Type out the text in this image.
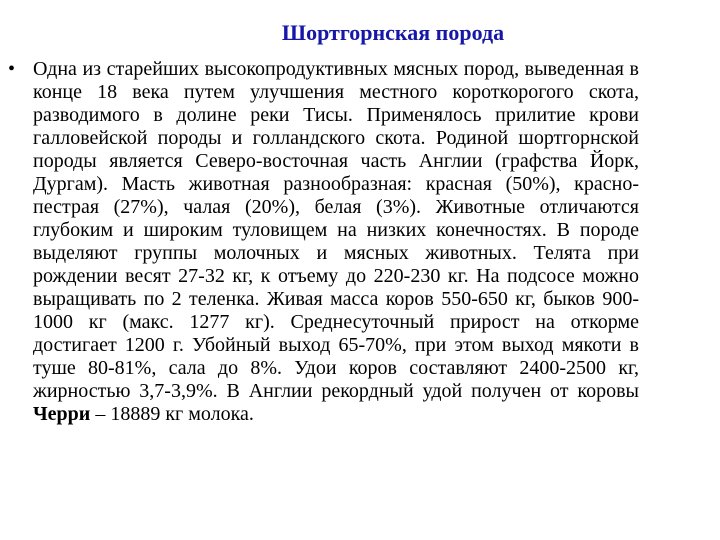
Шортгорнская порода
• Одна из старейших высокопродуктивных мясных пород, выведенная в конце 18 века путем улучшения местного короткорогого скота, разводимого в долине реки Тисы. Применялось прилитие крови галловейской породы и голландского скота. Родиной шортгорнской породы является Северо-восточная часть Англии (графства Йорк, Дургам). Масть животная разнообразная: красная (50%), красно-пестрая (27%), чалая (20%), белая (3%). Животные отличаются глубоким и широким туловищем на низких конечностях. В породе выделяют группы молочных и мясных животных. Телята при рождении весят 27-32 кг, к отъему до 220-230 кг. На подсосе можно выращивать по 2 теленка. Живая масса коров 550-650 кг, быков 900-1000 кг (макс. 1277 кг). Среднесуточный прирост на откорме достигает 1200 г. Убойный выход 65-70%, при этом выход мякоти в туше 80-81%, сала до 8%. Удои коров составляют 2400-2500 кг, жирностью 3,7-3,9%. В Англии рекордный удой получен от коровы Черри – 18889 кг молока.
